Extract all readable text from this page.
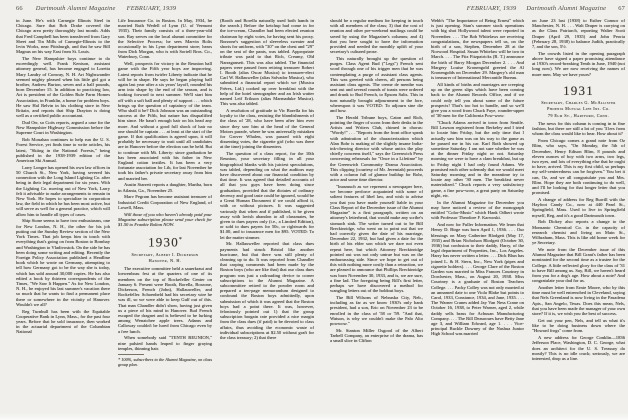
66 Dartmouth Alumni Magazine FEBRUARY, 1939

in June. He's with Carnegie Illinois Steel in Chicago. Sure that Bob Drake covered the Chicago area pretty thoroughly last month. Adds that Fred Campbell has been transferred from Gary Sheet and Tin Mills of Carnegie-Illinois to the Irvin Works, near Pittsburgh, and that he saw Bill Magnus on his way East from St. Louis.

The New Hampshire boys continue to do exceedingly well. Frank Kenison, assistant attorney general, has become engaged to Loretta Mary Landry of Conway, N. H. Art Nighswander seemed mighty pleased when his little girl got a brother, Andrew Burton, seven and a half pounds, born December 15. In addition to practicing law, Art is president of the Golden Rule Farm Homes Association, in Franklin, a home for problem boys. He saw Hal Belvin in his clothing store in New Britain, and reports that Ship Drayton is doing well as a certified public accountant.

Dud Orr, so Coös reports, argued a case for the New Hampshire Highway Commission before the Supreme Court in Washington.

Bob Monahan continues to help run the U. S. Forest Service, yet finds time to write articles, his latest, "Skiing in the National Forests," being published in the 1938-1939 edition of the American Ski Annual.

Larry Longre has opened his own law offices in 50 Church St., New York, having severed his connection with the Long Island Lighting Co. after being in their legal department for six years. With the Lighting Co. moving out of New York, Larry felt it advisable to make arrangements to remain in New York. He hopes to specialize in corporation law, the field in which he has been most active, but will serve as well for a general practice, which will allow him to handle all types of cases.

Ship Stone seems to have two enthusiasms, one for New London, N. H., the other for his job putting out the Sunday Review section of the New York Times. That job keeps him in touch with everything that's going on from Boston to Bombay and Washington to Vladivostok. On the side he has been doing some writing and editing. Recently the Foreign Policy Association published a Headline book which he wrote on Germany, attempting to tell how Germany got to be the way she is today, which has sold around 30,000 copies. He has also edited a book by thirteen correspondents of the Times, "We Saw It Happen." As for New London, N. H., he enjoyed his last summer's vacation there so much that he wants to find a permanent place there or somewhere in the vicinity of Hanover. Wouldn't we all?

Reg Turnbull has been with the Equitable Cooperative Bank in Lynn, Mass., for the past four years. Before that he sold insurance, then worked in the actuarial department of the Columbian National

Life Insurance Co. in Boston. In May, 1934, he married Ruth Wedell of Lynn (U. of Vermont 1935). Their family consists of a three-year-old son. Ray serves on the local alumni committee for the Selective Process; he sees Marvin Bolts occasionally in his Lynn department store; hears from Dick Morgan, who is with Sortell Bros. Co., Waterbury, Conn.

Well, prospects for victory in the Reunion ball game with the Fifth year boys are improving. Latest reports from twirler Liberty indicate that he will be in shape. He says he began playing ball again last year after a six years' layoff, rounded his arm into shape by the end of the season, and is looking forward to next summer. We'll start him off with a soft ball and plenty of support . . . which brings up the question of captaincy of the team. Who shall it be? Dick Johnson was an outstanding success at the Fifth, but nature has disqualified him since. He hasn't enough hair on his head any more. And without a good full shock of hair no one should be captain . . . at least at the start of the game. If that qualification is agreed upon, it will probably be necessary to wait until all candidates are in Hanover before the election can be held. But to continue with Mt. Liberty: since graduation he has been associated with his father in New England cotton textiles. It has been a very fortunate association for Lib, for last November he took his father's private secretary away from him and married her.

Austin Starrett reports a daughter, Martha, born in Atlanta, Ga., November 25.

Marv Pegram has become assistant treasurer of Industrial Credit Corporation of New England, of Lowell, Mass.

Will those of you who haven't already paid your Magazine subscription please send your check for $1.50 to Frankie Bolton NOW.

1930*

Secretary, Albert I. Dickerson

Hanover, N. H.

The executive committee held a sauerkraut and loewenbrau fest at the quarters of one of its members on the top of Rockefeller Center on January 6. Present were Booth, Borella, Borzone, Dickerson, French (John), Hallauweller, and Rockefeller. Schoenbeld had his secretary wire he was ill, so we were able to keep Gulf out of this. That man Chandler didn't show, having just given us a piece of his mind in Hanover. Bud French escaped the dragnet and is believed to be lurking among Wenatchee apple trees. Adams and Calloway couldn't be lured from Chicago even by a free lunch.

When somebody said "TENTH REUNION," nine palsied hands leaped to finger graying temples, thinning hair.

* 100%, subscribers to the Alumni Magazine, on class group plan.

(Booth and Borella naturally used both hands in the search.) Before the ketchup had come in for the ice-cream, Chandler had been elected reunion chairman by eight votes, he having sent his proxy. Borzone's suggestion of sleeveless sweater and shorts for uniform, with "30" on the chest and "29" on the seat of the pants, was tabled. Appropriate tribute was paid to that Rich, Creamy, Old Narragansett. This was also tabled. The financial papers were passed from retiring treasurer Robert I. Booth (alias Oscar Musica) to treasurer-elect Carl W. Hallauweller (alias Salvador Musica), who submitted a financial report which we (Musica Frères, Ltd.) cooked up over breakfast with the help of the hotel stenographer and an Irish waiter named Leif Erikson (alias Marmaduke Musica). This was also tabled.

A resolution of gratitude to Vic Borella for his loyalty to the class, resisting the blandishments of the class of '28, who have been after him ever since they saw him at the head of the General Motors parade, where he was universally mistaken for Grover Whalen, was passed with eight dissenting votes, the cigarette girl (who was there at the time) joining the dissenters.

The question of a class report, for the 10th Reunion, your secretary filling in all your biographical blanks with his juiciest speculations, was tabled, depending on what the auditors may have discovered about our financial condition by that time. It was agreed that detailed accounts of all that you guys have been doing since graduation, provided that the dictates of ordinary decency and good taste could be ignored, would be a Great Human Document if we could afford it, with or without pictures. It was suggested variously that when and if published, it be given away with lavish abandon to all classmates, be given to dues payers only (i.e., a Limited Edition), or sold to dues payers for 50c, or rightwards for $1.00, and to insurance men for $95. VOTED: To let the matter simmer.

Mr. Hallauweller reported that class dues payments had struck Bristol like another hurricane, but that there was still plenty of cleaning up to do. It was reported from Chandler that carping comments had been made by the Boston boys (who are like that) that our class dues program was just a railroading device to corner subscriptions to the Alumni Magazine. A subcommittee retired to the powder room and prepared a ten-page memorandum designed to confound the Boston boys admittedly, upon submission of which it was agreed that the Boston boys had a point there. It was, however, feloniously pointed out 1) that the group subscription bargain rate provided a nice margin from the class dues (if paid) to be devoted to class affairs, thus avoiding the economic waste of individual subscriptions at $2.50 without graft for the class treasury; 2) that there

FEBRUARY, 1939 Dartmouth Alumni Magazine 67

should be a regular medium for keeping in touch with all members of the class; 3) that the cost of reunion and other pre-weekend mailings could be saved by using the Magazine's columns; and 4) that you here sought to have the information provided and needed the monthly uplift of your secretary's cultured prose.

This naturally brought up the question of purges. Class Agent Bud ("Legs") French sent word through one of his trigger men that he was contemplating a purge of assistant class agents. This was greeted with cheers, all persons being assistant class agents. The creme de menthe was sent out and several rounds of toasts were ordered and drunk to Bud French, to Epsom Salts. This in turn naturally brought adjournment to the fore, whereupon it was VOTED: To adjourn sine die and how.

The Herald Tribune boys, Caton and Rich, pointing the finger of scorn from their desks in the Artists and Writers Club, chimed in chorus: "Wordy!" . . . "Reports from the front office speak with admiration of the characterization which Alan Bohr is making of the slightly insane India-ink-chewing director with whose antics the play chiefly concerns itself," says the Greenwich Press concerning rehearsals for "Once in a Lifetime" by the Greenwich Community Drama Association. This clipping (courtesy of Mr. Jeremiah) proceeds with a column full of glamor buildup for Bohr, actor and some time director.

"Inasmuch as we represent a newspaper here, we become perforce acquainted with some of salient features of libel law, and wish to advise you that you have made yourself liable in your Class Report of the December issue of the Alumni Magazine" is a first paragraph, written on an attorney's letterhead, that would make any scribe's stomach sink. The writer turned out to be Bill Breckinridge, who went on to point out that we had correctly given the date of his marriage, December 22, 1932, but had given a date for the birth of his elder son which we dare not even repeat here, but which Attorney Breckinridge pointed out was not only untrue but was on the embarrassing side. Since we hope to get out of this with nothing more costly than a retraction, we are pleased to announce that Phillips Breckinridge was born November 30, 1933, and is, we are sure, a fine lad. The foregoing being Bill's first letter, perhaps we have discovered a method for wangling letters out of the holdout boys.

The Bill Wilsons of Nebraska City, Neb., including as far as we know 1930's only bank president, had a son, Eric on November 23 to be enrolled in the class of '58 or '59. "And that, Watson, is why we couldn't make the Palo Alto powwow."

Mr. Stanton Miller Osgood of the Albert Tarbell Company, an enterprise of the drama, has a small slice in Clifton

Webb's "The Importance of Being Ernest" which is just opening. Stan's summer stock operations with big shot Hollywood talent were reported in November. . . . The Bob Whitelaws are receiving congratulations, the newspapers tell us, on the birth of a son, Stephen, December 28 at the Norwood Hospital. Susan Whitelaw will be two in March. . . . The Fitz Fitzpatricks (R. T.) announce the birth of Barry Morgan December 2. . . . And Margery Louise Kronengold greeted the Al Kronengolds on December 29. Margery's old man is treasurer of International Mercantile Bureau.

All kinds of births and marriages are creeping up on the green slips which have been coming back to the Alumni Records Office, and if we could only tell you about some of the future prospects! That's too hot to handle, and so we'll give you a word from Chuck Faye, rounder-upper of '30 men for the California Pow-wow:

"Chuck Adams arrived in town from Seattle. Bill Lawson registered from Berkeley and I tried to locate him Friday, but the only time that I actually saw him was on his way to the game as he passed me in his car. Karl Roth showed up sometime Saturday. I am not sure whether he was at the dinner Friday night or not. Saturday morning we were to have a clam breakfast, but up to Friday night I had only found Adams. We promised each other solemnly that we would meet Saturday morning and in the meantime try to locate any other '30 men. The breakfast never materialized." Chuck reports a very satisfactory game, a fine pow-wow, a great party on Saturday night, etc.

In the Alumni Magazine for December you may have noticed a review of the monograph entitled "Color-Music" which Hank Odbert wrote with Professor Theodore F. Karwoski.

And now for Fuller Information. We learn that Henry D. Birge was born April 1, 1936. . . . Our blessings on Mary Catherine Blodgett (May 17, 1935) and Brian Nicholson Blodgett (October 30, 1936) but confusion to their daddy, Harry, of the legal department of Properties, Inc., Los Angeles. Harry has never written a letter. . . . Dick Blun has joined L. & H. Stern, Inc., New York (pipes and cigarette holders). . . . George Clare of the Boston Garden was married to Miss Frances Courtney in Dorchester, Mass., on August 20, 1938. Miss Courtney is a graduate of Boston Teachers College. . . . Packy Colley was not only married at an unnamed date to one Viola Blake but points to Carol, 1933, Constance, 1934, and Jane, 1935. . . . The Warner Cranes added Jay Van Ness Crane on October 16, 1938, to Peter Warner, aged 2, while daddy sells brass for Achusan Manufacturing Company. . . . The Bill Deauroues have Betty Jane age 3, and William Edward, age 1. . . . Vice-principal Buckle Downey of the Nashua Junior High School was married

on June 23 last (1938) to Esther Connor of Manchester, N. H. . . . Walt Draper is carrying on as the Class Patriarch, reporting Walter Scott Draper (April 29, 1935) and John Peoria (February 28, 1938) to balance Judith, practically 7, and the son, 5½.

The crowds listed in the opening paragraph above have signed a paper promising attendance at 1930's record-breaking Tenth in June, 1940 (not long now). We are now receiving the names of more men. May we have yours?

1931

Secretary, Charles G. McAllister

Phoenix Mutual Life Ins. Co.

79 Elm St., Hartford, Conn.

The news for this column is coming in in fine fashion, but there are still a lot of you '31ers from whom the class would like to hear. How about it?

From Chicago comes a grand note from Oz Blim, who says, "On Monday, the 5th of December, Henry Edison Blim, 8 pounds and eleven ounces of boy with two arms, two legs, two eyes, and lots of everything else that he ought to have, arrived. This is my first child, so perhaps my self-centeredness can be forgiven." You bet it can, Oz, and we all congratulate you and Mrs. Blim. Hope they are both continuing to do well, and I'll be looking for that longer letter that you promised.

A change of address for Reg Burrill with the Hayfoot Candy Co., now at 440 Pearl St., Springfield, Mass. Used to live in Springfield myself, Reg, and it's a good Dartmouth town.

Bob Dickey also reports a change to the Monsanto Chemical Co. in the capacity of research chemist and living on Main St., Wilbraham, Mass. This is like old home week for ye Secretary.

We note from the December issue of this Alumni Magazine that Bill Grant's father has been nominated for the second time as a trustee for the College. A little reflected glory for the class of '31 to have Bill among us. Say, Bill, we haven't heard from you for a dog's age. How about a note? And congratulate your dad for us.

Another letter from Ernie Moore, who by this time must be well entrenched in Cleveland, saying that Nels Greenland is now living in the Pasadena Apts., San Angelo, Texas. Does this mean, Nels, that you have been made the manager of your own store? If it is, we wish you the best of success.

Get out your pen, Nels, and tell us what it's like to be doing business down where the "Howard frogs" come from.

A new address for George Conklin—1836 Jefferson Place, Washington, D. C. George, what does an architect for the U. S. Treasury do mostly? This is no idle crack; seriously, we are interested, drop us a line.
